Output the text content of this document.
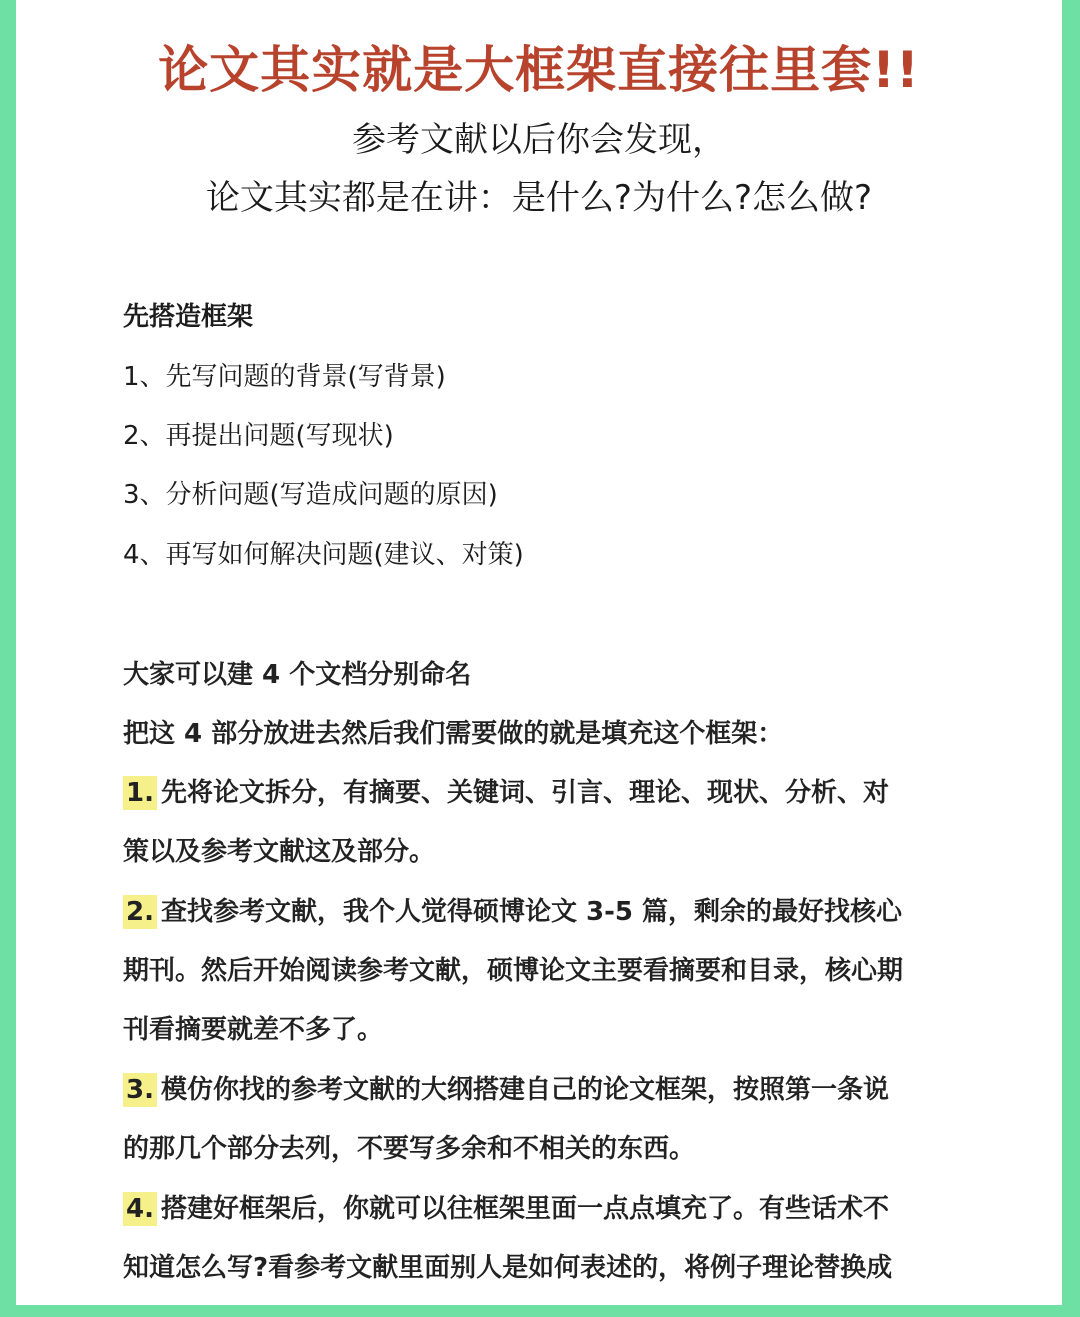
论文其实就是大框架直接往里套!!
参考文献以后你会发现，
论文其实都是在讲：是什么?为什么?怎么做?
先搭造框架
1、先写问题的背景(写背景)
2、再提出问题(写现状)
3、分析问题(写造成问题的原因)
4、再写如何解决问题(建议、对策)
大家可以建 4 个文档分别命名
把这 4 部分放进去然后我们需要做的就是填充这个框架：
1. 先将论文拆分，有摘要、关键词、引言、理论、现状、分析、对
策以及参考文献这及部分。
2. 查找参考文献，我个人觉得硕博论文 3-5 篇，剩余的最好找核心
期刊。然后开始阅读参考文献，硕博论文主要看摘要和目录，核心期
刊看摘要就差不多了。
3. 模仿你找的参考文献的大纲搭建自己的论文框架，按照第一条说
的那几个部分去列，不要写多余和不相关的东西。
4. 搭建好框架后，你就可以往框架里面一点点填充了。有些话术不
知道怎么写?看参考文献里面别人是如何表述的，将例子理论替换成
